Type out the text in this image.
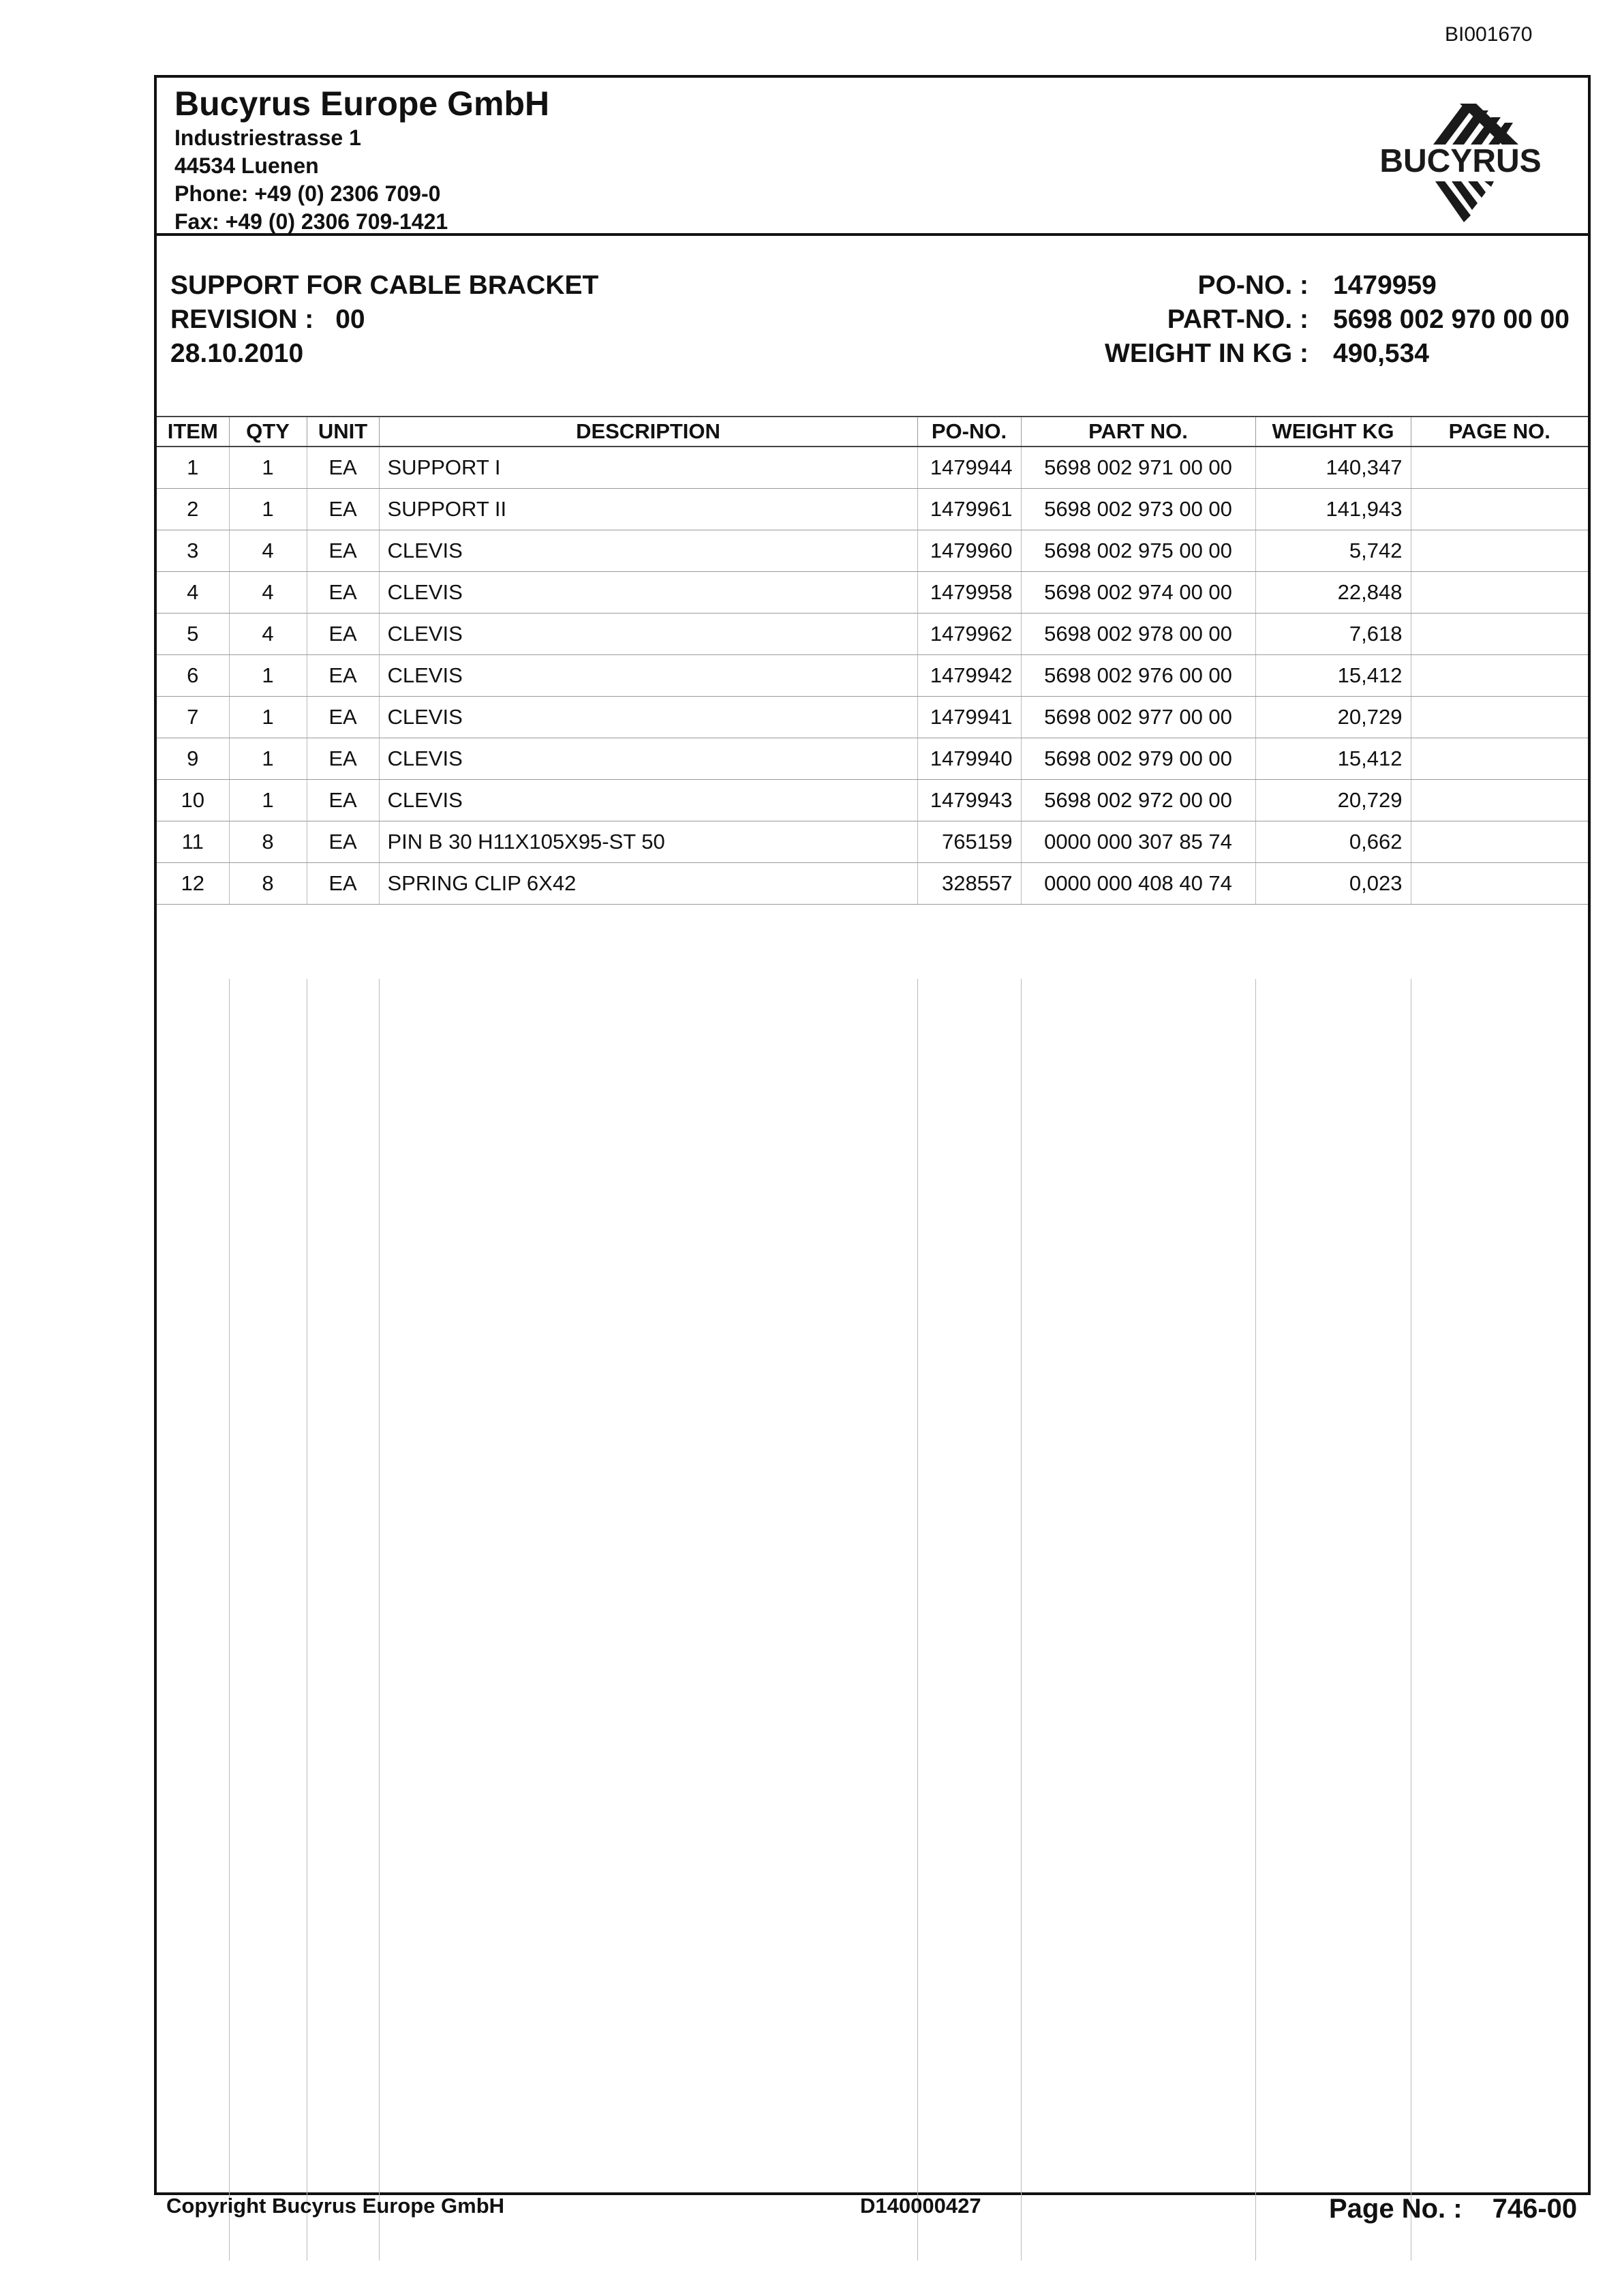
BI001670
Bucyrus Europe GmbH
Industriestrasse 1
44534 Luenen
Phone: +49 (0) 2306 709-0
Fax: +49 (0) 2306 709-1421
BUCYRUS
SUPPORT FOR CABLE BRACKET
REVISION : 00
28.10.2010
PO-NO. : 1479959
PART-NO. : 5698 002 970 00 00
WEIGHT IN KG : 490,534
ITEM	QTY	UNIT	DESCRIPTION	PO-NO.	PART NO.	WEIGHT KG	PAGE NO.
1	1	EA	SUPPORT I	1479944	5698 002 971 00 00	140,347	
2	1	EA	SUPPORT II	1479961	5698 002 973 00 00	141,943	
3	4	EA	CLEVIS	1479960	5698 002 975 00 00	5,742	
4	4	EA	CLEVIS	1479958	5698 002 974 00 00	22,848	
5	4	EA	CLEVIS	1479962	5698 002 978 00 00	7,618	
6	1	EA	CLEVIS	1479942	5698 002 976 00 00	15,412	
7	1	EA	CLEVIS	1479941	5698 002 977 00 00	20,729	
9	1	EA	CLEVIS	1479940	5698 002 979 00 00	15,412	
10	1	EA	CLEVIS	1479943	5698 002 972 00 00	20,729	
11	8	EA	PIN B 30 H11X105X95-ST 50	765159	0000 000 307 85 74	0,662	
12	8	EA	SPRING CLIP 6X42	328557	0000 000 408 40 74	0,023	
Copyright Bucyrus Europe GmbH	D140000427	Page No. : 746-00
